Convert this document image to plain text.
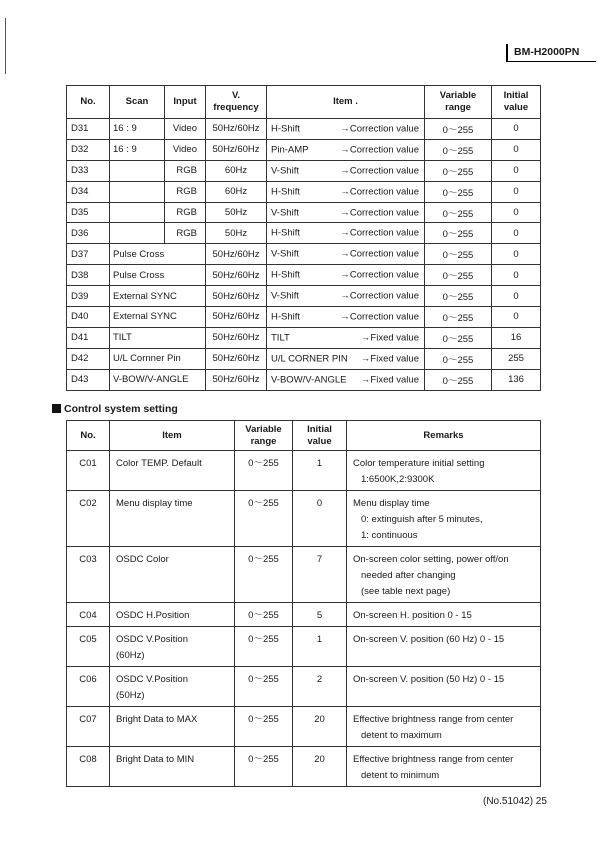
BM-H2000PN
No.	Scan	Input	V. frequency	Item .	Variable range	Initial value
D31	16 : 9	Video	50Hz/60Hz	H-Shift →Correction value	0～255	0
D32	16 : 9	Video	50Hz/60Hz	Pin-AMP →Correction value	0～255	0
D33		RGB	60Hz	V-Shift →Correction value	0～255	0
D34		RGB	60Hz	H-Shift →Correction value	0～255	0
D35		RGB	50Hz	V-Shift →Correction value	0～255	0
D36		RGB	50Hz	H-Shift →Correction value	0～255	0
D37	Pulse Cross		50Hz/60Hz	V-Shift →Correction value	0～255	0
D38	Pulse Cross		50Hz/60Hz	H-Shift →Correction value	0～255	0
D39	External SYNC		50Hz/60Hz	V-Shift →Correction value	0～255	0
D40	External SYNC		50Hz/60Hz	H-Shift →Correction value	0～255	0
D41	TILT		50Hz/60Hz	TILT →Fixed value	0～255	16
D42	U/L Cornner Pin		50Hz/60Hz	U/L CORNER PIN →Fixed value	0～255	255
D43	V-BOW/V-ANGLE		50Hz/60Hz	V-BOW/V-ANGLE →Fixed value	0～255	136
Control system setting
No.	Item	Variable range	Initial value	Remarks
C01	Color TEMP. Default	0～255	1	Color temperature initial setting
1:6500K,2:9300K

C02	Menu display time	0～255	0	Menu display time
0: extinguish after 5 minutes,
1: continuous

C03	OSDC Color	0～255	7	On-screen color setting, power off/on
needed after changing
(see table next page)

C04	OSDC H.Position	0～255	5	On-screen H. position 0 - 15

C05	OSDC V.Position
(60Hz)	0～255	1	On-screen V. position (60 Hz) 0 - 15

C06	OSDC V.Position
(50Hz)	0～255	2	On-screen V. position (50 Hz) 0 - 15

C07	Bright Data to MAX	0～255	20	Effective brightness range from center
detent to maximum

C08	Bright Data to MIN	0～255	20	Effective brightness range from center
detent to minimum
(No.51042) 25
